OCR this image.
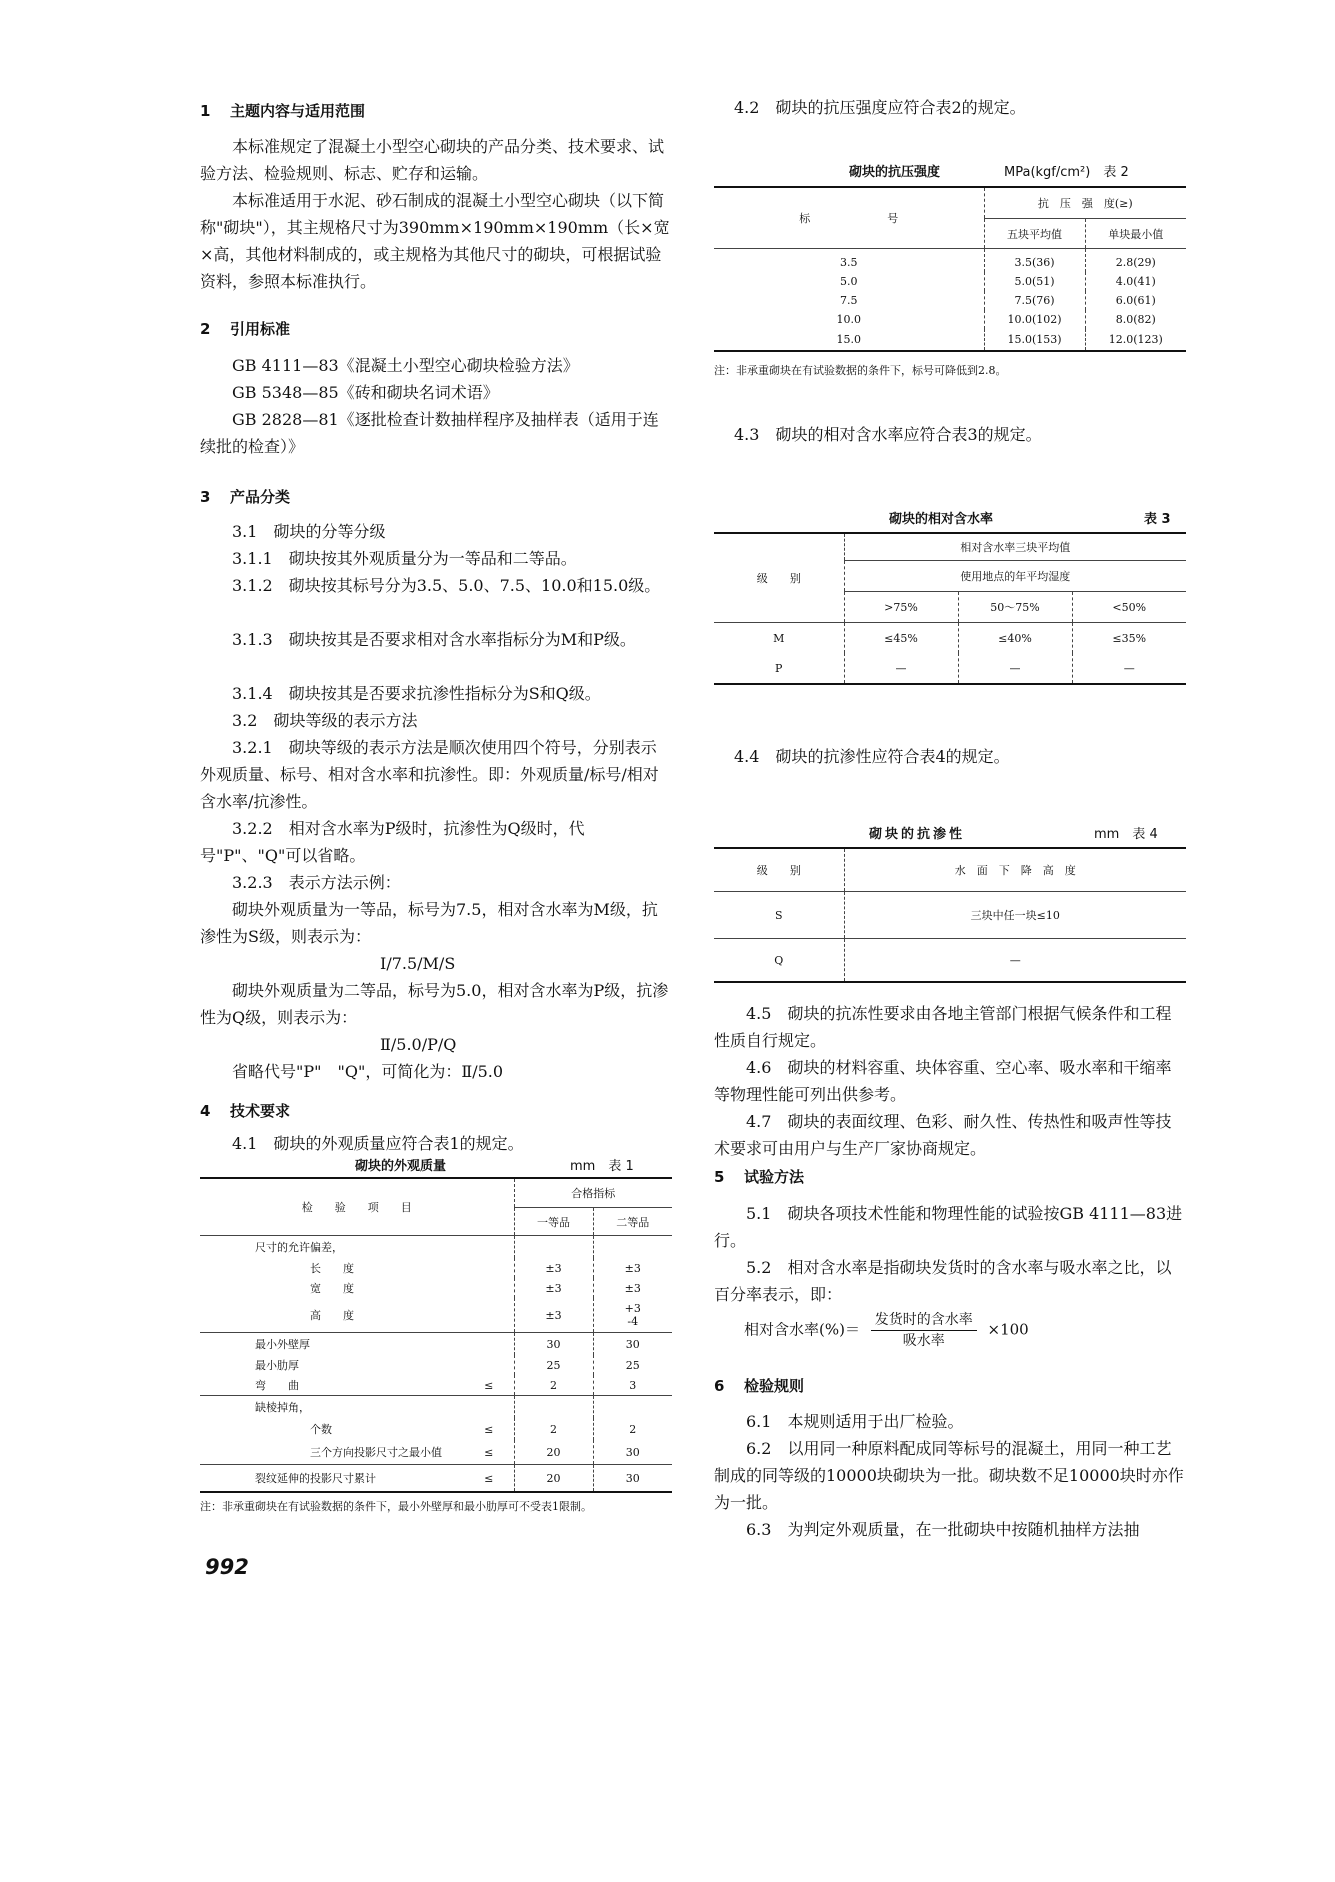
1 主题内容与适用范围

本标准规定了混凝土小型空心砌块的产品分类、技术要求、试验方法、检验规则、标志、贮存和运输。

本标准适用于水泥、砂石制成的混凝土小型空心砌块（以下简称"砌块"），其主规格尺寸为390mm×190mm×190mm（长×宽×高，其他材料制成的，或主规格为其他尺寸的砌块，可根据试验资料，参照本标准执行。

2 引用标准

GB 4111—83《混凝土小型空心砌块检验方法》

GB 5348—85《砖和砌块名词术语》

GB 2828—81《逐批检查计数抽样程序及抽样表（适用于连续批的检查）》

3 产品分类

3.1　砌块的分等分级

3.1.1　砌块按其外观质量分为一等品和二等品。

3.1.2　砌块按其标号分为3.5、5.0、7.5、10.0和15.0级。

3.1.3　砌块按其是否要求相对含水率指标分为M和P级。

3.1.4　砌块按其是否要求抗渗性指标分为S和Q级。

3.2　砌块等级的表示方法

3.2.1　砌块等级的表示方法是顺次使用四个符号，分别表示外观质量、标号、相对含水率和抗渗性。即：外观质量/标号/相对含水率/抗渗性。

3.2.2　相对含水率为P级时，抗渗性为Q级时，代号"P"、"Q"可以省略。

3.2.3　表示方法示例：

砌块外观质量为一等品，标号为7.5，相对含水率为M级，抗渗性为S级，则表示为：

I/7.5/M/S

砌块外观质量为二等品，标号为5.0，相对含水率为P级，抗渗性为Q级，则表示为：

Ⅱ/5.0/P/Q

省略代号"P"　"Q"，可简化为：Ⅱ/5.0

4 技术要求

4.1　砌块的外观质量应符合表1的规定。

砌块的外观质量	mm　表 1
检　　验　　项　　目		合格指标	
		一等品	二等品
尺寸的允许偏差，			
长　　度		±3	±3
宽　　度		±3	±3
高　　度		±3	+3
-4

最小外壁厚		30	30
最小肋厚		25	25
弯　　曲	≤	2	3
缺棱掉角，			
个数	≤	2	2
三个方向投影尺寸之最小值	≤	20	30
裂纹延伸的投影尺寸累计	≤	20	30
注：非承重砌块在有试验数据的条件下，最小外壁厚和最小肋厚可不受表1限制。
992

4.2　砌块的抗压强度应符合表2的规定。

砌块的抗压强度	MPa(kgf/cm²)　表 2
标　　　　　　　号	抗　压　强　度(≥)	
	五块平均值	单块最小值
3.5	3.5(36)	2.8(29)
5.0	5.0(51)	4.0(41)
7.5	7.5(76)	6.0(61)
10.0	10.0(102)	8.0(82)
15.0	15.0(153)	12.0(123)
注：非承重砌块在有试验数据的条件下，标号可降低到2.8。

4.3　砌块的相对含水率应符合表3的规定。

砌块的相对含水率	表 3
级　　别	相对含水率三块平均值		
	使用地点的年平均湿度		
	>75%	50～75%	<50%
M	≤45%	≤40%	≤35%
P	—	—	—

4.4　砌块的抗渗性应符合表4的规定。

砌块的抗渗性	mm　表 4
级　　别	水　面　下　降　高　度
S	三块中任一块≤10
Q	—

4.5　砌块的抗冻性要求由各地主管部门根据气候条件和工程性质自行规定。

4.6　砌块的材料容重、块体容重、空心率、吸水率和干缩率等物理性能可列出供参考。

4.7　砌块的表面纹理、色彩、耐久性、传热性和吸声性等技术要求可由用户与生产厂家协商规定。

5 试验方法

5.1　砌块各项技术性能和物理性能的试验按GB 4111—83进行。

5.2　相对含水率是指砌块发货时的含水率与吸水率之比，以百分率表示，即：

相对含水率(%)＝ $\frac{\text{发货时的含水率}}{\text{吸水率}} \times 100$
6 检验规则

6.1　本规则适用于出厂检验。

6.2　以用同一种原料配成同等标号的混凝土，用同一种工艺制成的同等级的10000块砌块为一批。砌块数不足10000块时亦作为一批。

6.3　为判定外观质量，在一批砌块中按随机抽样方法抽
